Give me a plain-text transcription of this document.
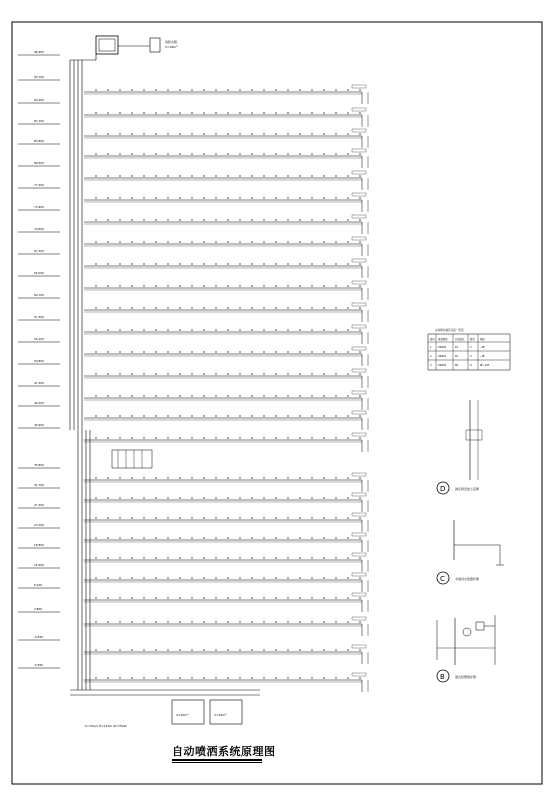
消防水箱
V=18m³
98.900
93.700
90.400
87.100
83.800
80.500
77.200
73.900
70.600
67.300
64.000
60.700
57.400
54.100
50.800
47.500
44.200
40.900
35.800
31.700
27.400
23.100
18.800
14.500
8.100
4.800
-0.450
-5.950
V=20m³	V=20m³
Q=30L/s H=110m N=75kW
自动喷水减压孔板一览表
编号 管道规格	孔板直径 数量 楼层
1	DN150	63	3	~8F
2	DN150	62	3	~8F
3	DN150	60	9	9F~23F
D	减压阀安装示意图
C	末端试水装置详图
B	湿式报警阀详图
自动喷洒系统原理图
